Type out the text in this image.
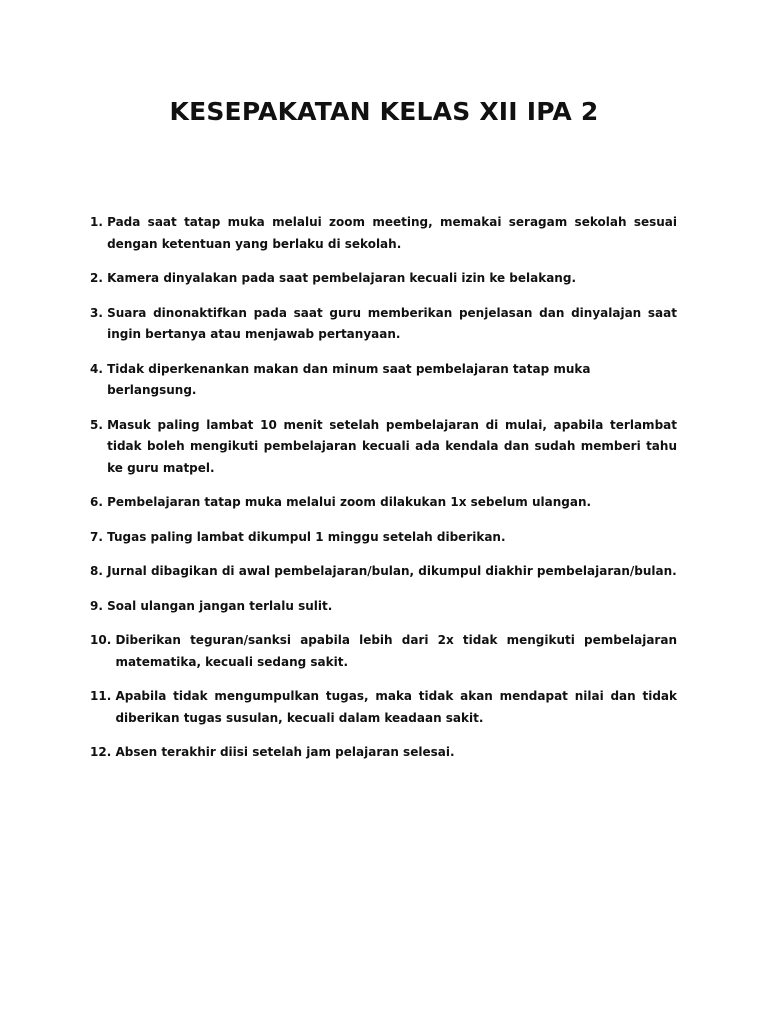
KESEPAKATAN KELAS XII IPA 2
1. Pada saat tatap muka melalui zoom meeting, memakai seragam sekolah sesuai dengan ketentuan yang berlaku di sekolah.
2. Kamera dinyalakan pada saat pembelajaran kecuali izin ke belakang.
3. Suara dinonaktifkan pada saat guru memberikan penjelasan dan dinyalajan saat ingin bertanya atau menjawab pertanyaan.
4. Tidak diperkenankan makan dan minum saat pembelajaran tatap muka berlangsung.
5. Masuk paling lambat 10 menit setelah pembelajaran di mulai, apabila terlambat tidak boleh mengikuti pembelajaran kecuali ada kendala dan sudah memberi tahu ke guru matpel.
6. Pembelajaran tatap muka melalui zoom dilakukan 1x sebelum ulangan.
7. Tugas paling lambat dikumpul 1 minggu setelah diberikan.
8. Jurnal dibagikan di awal pembelajaran/bulan, dikumpul diakhir pembelajaran/bulan.
9. Soal ulangan jangan terlalu sulit.
10. Diberikan teguran/sanksi apabila lebih dari 2x tidak mengikuti pembelajaran matematika, kecuali sedang sakit.
11. Apabila tidak mengumpulkan tugas, maka tidak akan mendapat nilai dan tidak diberikan tugas susulan, kecuali dalam keadaan sakit.
12. Absen terakhir diisi setelah jam pelajaran selesai.
